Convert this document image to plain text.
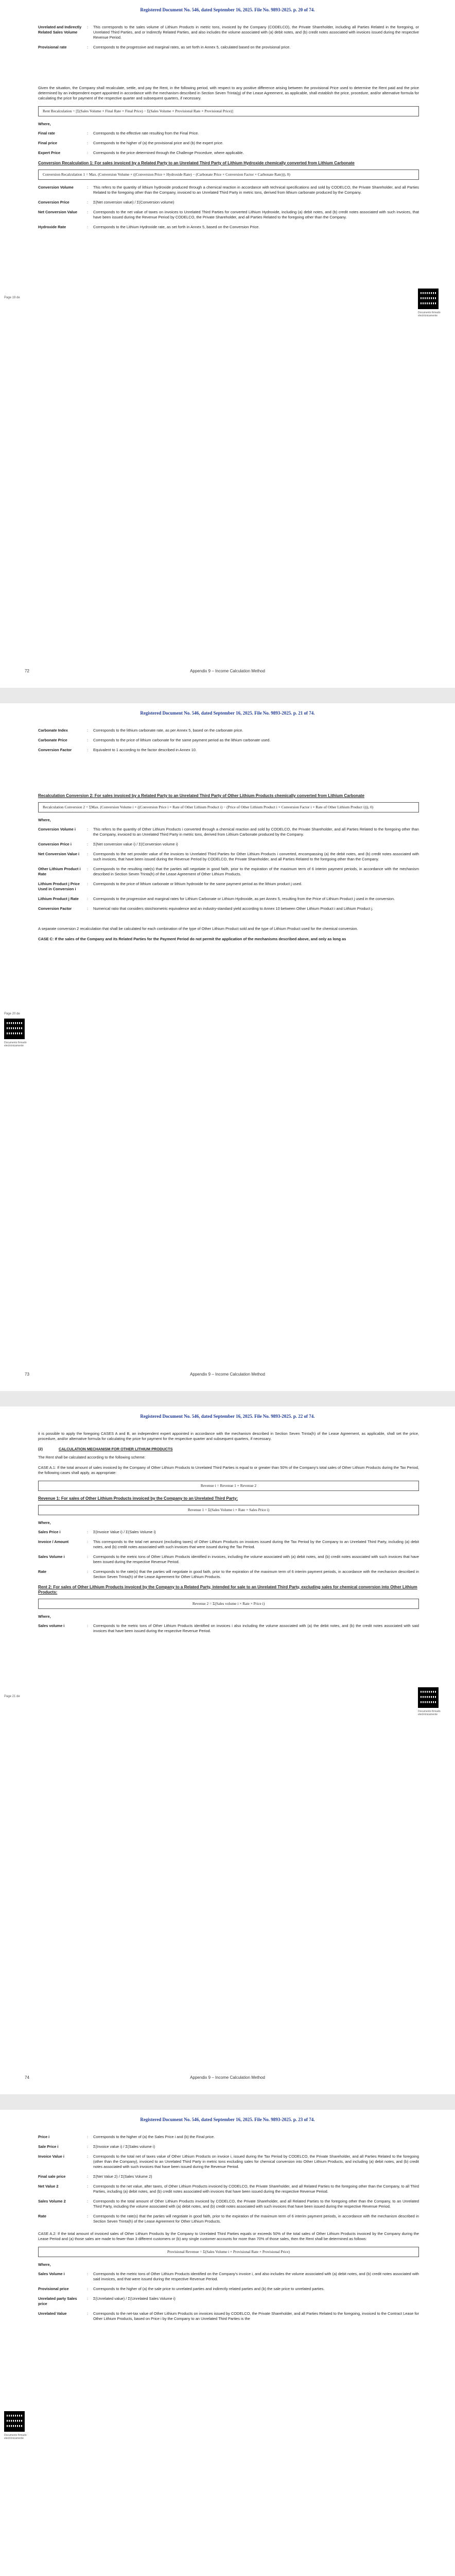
Registered Document No. 546, dated September 16, 2025. File No. 9893-2025. p. 20 of 74.
Page 19 de
Documento firmado electrónicamente
Unrelated and Indirectly Related Sales Volume
:	This corresponds to the sales volume of Lithium Products in metric tons, invoiced by the Company (CODELCO), the Private Shareholder, including all Parties Related in the foregoing, or Unrelated Third Parties, and or Indirectly Related Parties, and also includes the volume associated with (a) debit notes, and (b) credit notes associated with invoices issued during the respective Revenue Period.
Provisional rate	:	Corresponds to the progressive and marginal rates, as set forth in Annex 5, calculated based on the provisional price.
Given the situation, the Company shall recalculate, settle, and pay the Rent, in the following period, with respect to any positive difference arising between the provisional Price used to determine the Rent paid and the price determined by an independent expert appointed in accordance with the mechanism described in Section Seven Trinta(g) of the Lease Agreement, as applicable, shall establish the price, procedure, and/or alternative formula for calculating the price for payment of the respective quarter and subsequent quarters, if necessary.
Rent Recalculation = [Σ(Sales Volume × Final Rate × Final Price) − Σ(Sales Volume × Provisional Rate × Provisional Price)]
Where,
Final rate	:	Corresponds to the effective rate resulting from the Final Price.
Final price	:	Corresponds to the higher of (a) the provisional price and (b) the expert price.
Expert Price	:	Corresponds to the price determined through the Challenge Procedure, where applicable.
Conversion Recalculation 1: For sales invoiced by a Related Party to an Unrelated Third Party of Lithium Hydroxide chemically converted from Lithium Carbonate
Conversion Recalculation 1 = Max. (Conversion Volume × ((Conversion Price × Hydroxide Rate) − (Carbonate Price × Conversion Factor × Carbonate Rate))), 0)
Conversion Volume	:	This refers to the quantity of lithium hydroxide produced through a chemical reaction in accordance with technical specifications and sold by CODELCO, the Private Shareholder, and all Parties Related to the foregoing other than the Company, invoiced to an Unrelated Third Party in metric tons, derived from lithium carbonate produced by the Company.
Conversion Price	:	Σ(Net conversion value) / Σ(Conversion volume)
Net Conversion Value	:	Corresponds to the net value of taxes on invoices to Unrelated Third Parties for converted Lithium Hydroxide, including (a) debit notes, and (b) credit notes associated with such invoices, that have been issued during the Revenue Period by CODELCO, the Private Shareholder, and all Parties Related to the foregoing other than the Company.
Hydroxide Rate	:	Corresponds to the Lithium Hydroxide rate, as set forth in Annex 5, based on the Conversion Price.
72	Appendix 9 – Income Calculation Method
Registered Document No. 546, dated September 16, 2025. File No. 9893-2025. p. 21 of 74.
Page 20 de
Documento firmado electrónicamente
Carbonate Index	:	Corresponds to the lithium carbonate rate, as per Annex 5, based on the carbonate price.
Carbonate Price	:	Corresponds to the price of lithium carbonate for the same payment period as the lithium carbonate used.
Conversion Factor	:	Equivalent to 1 according to the factor described in Annex 10.
Recalculation Conversion 2: For sales invoiced by a Related Party to an Unrelated Third Party of Other Lithium Products chemically converted from Lithium Carbonate
Recalculation Conversion 2 = ΣMax. (Conversion Volume i × ((Conversion Price i × Rate of Other Lithium Product i) − (Price of Other Lithium Product i × Conversion Factor i × Rate of Other Lithium Product i))), 0)
Where,
Conversion Volume i	:	This refers to the quantity of Other Lithium Products i converted through a chemical reaction and sold by CODELCO, the Private Shareholder, and all Parties Related to the foregoing other than the Company, invoiced to an Unrelated Third Party in metric tons, derived from Lithium Carbonate produced by the Company.
Conversion Price i	:	Σ(Net conversion value i) / Σ(Conversion volume i)
Net Conversion Value i	:	Corresponds to the net provider value of the invoices to Unrelated Third Parties for Other Lithium Products i converted, encompassing (a) the debit notes, and (b) credit notes associated with such invoices, that have been issued during the Revenue Period by CODELCO, the Private Shareholder, and all Parties Related to the foregoing other than the Company.
Other Lithium Product i Rate
:	Corresponds to the resulting rate(s) that the parties will negotiate in good faith, prior to the expiration of the maximum term of 6 interim payment periods, in accordance with the mechanism described in Section Seven Trinta(h) of the Lease Agreement of Other Lithium Products.
Lithium Product j Price Used in Conversion i
:	Corresponds to the price of lithium carbonate or lithium hydroxide for the same payment period as the lithium product j used.
Lithium Product j Rate	:	Corresponds to the progressive and marginal rates for Lithium Carbonate or Lithium Hydroxide, as per Annex 5, resulting from the Price of Lithium Product j used in the conversion.
Conversion Factor	:	Numerical ratio that considers stoichiometric equivalence and an industry-standard yield according to Annex 10 between Other Lithium Product i and Lithium Product j.
A separate conversion 2 recalculation that shall be calculated for each combination of the type of Other Lithium Product sold and the type of Lithium Product used for the chemical conversion.
CASE C: If the sales of the Company and its Related Parties for the Payment Period do not permit the application of the mechanisms described above, and only as long as
73	Appendix 9 – Income Calculation Method
Registered Document No. 546, dated September 16, 2025. File No. 9893-2025. p. 22 of 74.
Page 21 de
Documento firmado electrónicamente
it is possible to apply the foregoing CASES A and B, an independent expert appointed in accordance with the mechanism described in Section Seven Trinta(h) of the Lease Agreement, as applicable, shall set the price, procedure, and/or alternative formula for calculating the price for payment for the respective quarter and subsequent quarters, if necessary.
(2)	CALCULATION MECHANISM FOR OTHER LITHIUM PRODUCTS
The Rent shall be calculated according to the following scheme:
CASE A.1: If the total amount of sales invoiced by the Company of Other Lithium Products to Unrelated Third Parties is equal to or greater than 50% of the Company's total sales of Other Lithium Products during the Tax Period, the following cases shall apply, as appropriate:
Revenue i = Revenue 1 + Revenue 2
Revenue 1: For sales of Other Lithium Products invoiced by the Company to an Unrelated Third Party:
Revenue 1 = Σ(Sales Volume i × Rate × Sales Price i)
Where,
Sales Price i	:	Σ(Invoice Value i) / Σ(Sales Volume i)
Invoice / Amount	:	This corresponds to the total net amount (excluding taxes) of Other Lithium Products on invoices issued during the Tax Period by the Company to an Unrelated Third Party, including (a) debit notes, and (b) credit notes associated with such invoices that were issued during the Tax Period.
Sales Volume i	:	Corresponds to the metric tons of Other Lithium Products identified in invoices, including the volume associated with (a) debit notes, and (b) credit notes associated with such invoices that have been issued during the respective Revenue Period.
Rate	:	Corresponds to the rate(s) that the parties will negotiate in good faith, prior to the expiration of the maximum term of 6 interim payment periods, in accordance with the mechanism described in Section Seven Trinta(h) of the Lease Agreement for Other Lithium Products.
Rent 2: For sales of Other Lithium Products invoiced by the Company to a Related Party, intended for sale to an Unrelated Third Party, excluding sales for chemical conversion into Other Lithium Products:
Revenue 2 = Σ(Sales volume i × Rate × Price i)
Where,
Sales volume i	:	Corresponds to the metric tons of Other Lithium Products identified on invoices i also including the volume associated with (a) the debit notes, and (b) the credit notes associated with said invoices that have been issued during the respective Revenue Period.
74	Appendix 9 – Income Calculation Method
Registered Document No. 546, dated September 16, 2025. File No. 9893-2025. p. 23 of 74.
Documento firmado electrónicamente
Price i	:	Corresponds to the higher of (a) the Sales Price i and (b) the Final price.
Sale Price i	:	Σ(Invoice value i) / Σ(Sales volume i)
Invoice Value i	:	Corresponds to the total net of taxes value of Other Lithium Products on invoice i, issued during the Tax Period by CODELCO, the Private Shareholder, and all Parties Related to the foregoing (other than the Company), invoiced to an Unrelated Third Party in metric tons excluding sales for chemical conversion into Other Lithium Products, and including (a) debit notes, and (b) credit notes associated with such invoices that have been issued during the Revenue Period.
Final sale price	:	Σ(Net Value 2) / Σ(Sales Volume 2)
Net Value 2	:	Corresponds to the net value, after taxes, of Other Lithium Products invoiced by CODELCO, the Private Shareholder, and all Related Parties to the foregoing other than the Company, to all Third Parties, including (a) debit notes, and (b) credit notes associated with invoices that have been issued during the respective Revenue Period.
Sales Volume 2	:	Corresponds to the total amount of Other Lithium Products invoiced by CODELCO, the Private Shareholder, and all Related Parties to the foregoing other than the Company, to an Unrelated Third Party, including the volume associated with (a) debit notes, and (b) credit notes associated with such invoices that have been issued during the respective Revenue Period.
Rate	:	Corresponds to the rate(s) that the parties will negotiate in good faith, prior to the expiration of the maximum term of 6 interim payment periods, in accordance with the mechanism described in Section Seven Trinta(h) of the Lease Agreement for Other Lithium Products.
CASE A.2: If the total amount of invoiced sales of Other Lithium Products by the Company to Unrelated Third Parties equals or exceeds 50% of the total sales of Other Lithium Products invoiced by the Company during the Lease Period and (a) those sales are made to fewer than 3 different customers or (b) any single customer accounts for more than 70% of those sales, then the Rent shall be determined as follows:
Provisional Revenue = Σ(Sales Volume i × Provisional Rate × Provisional Price)
Where,
Sales Volume i	:	Corresponds to the metric tons of Other Lithium Products identified on the Company's invoice i, and also includes the volume associated with (a) debit notes, and (b) credit notes associated with said invoices, and that were issued during the respective Revenue Period.
Provisional price	:	Corresponds to the higher of (a) the sale price to unrelated parties and indirectly related parties and (b) the sale price to unrelated parties.
Unrelated party Sales price
:	Σ(Unrelated value) / Σ(Unrelated Sales Volume i)
Unrelated Value	:	Corresponds to the net-tax value of Other Lithium Products on invoices issued by CODELCO, the Private Shareholder, and all Parties Related to the foregoing, invoiced to the Contract Lease for Other Lithium Products, based on Price i by the Company to an Unrelated Third Parties is the
